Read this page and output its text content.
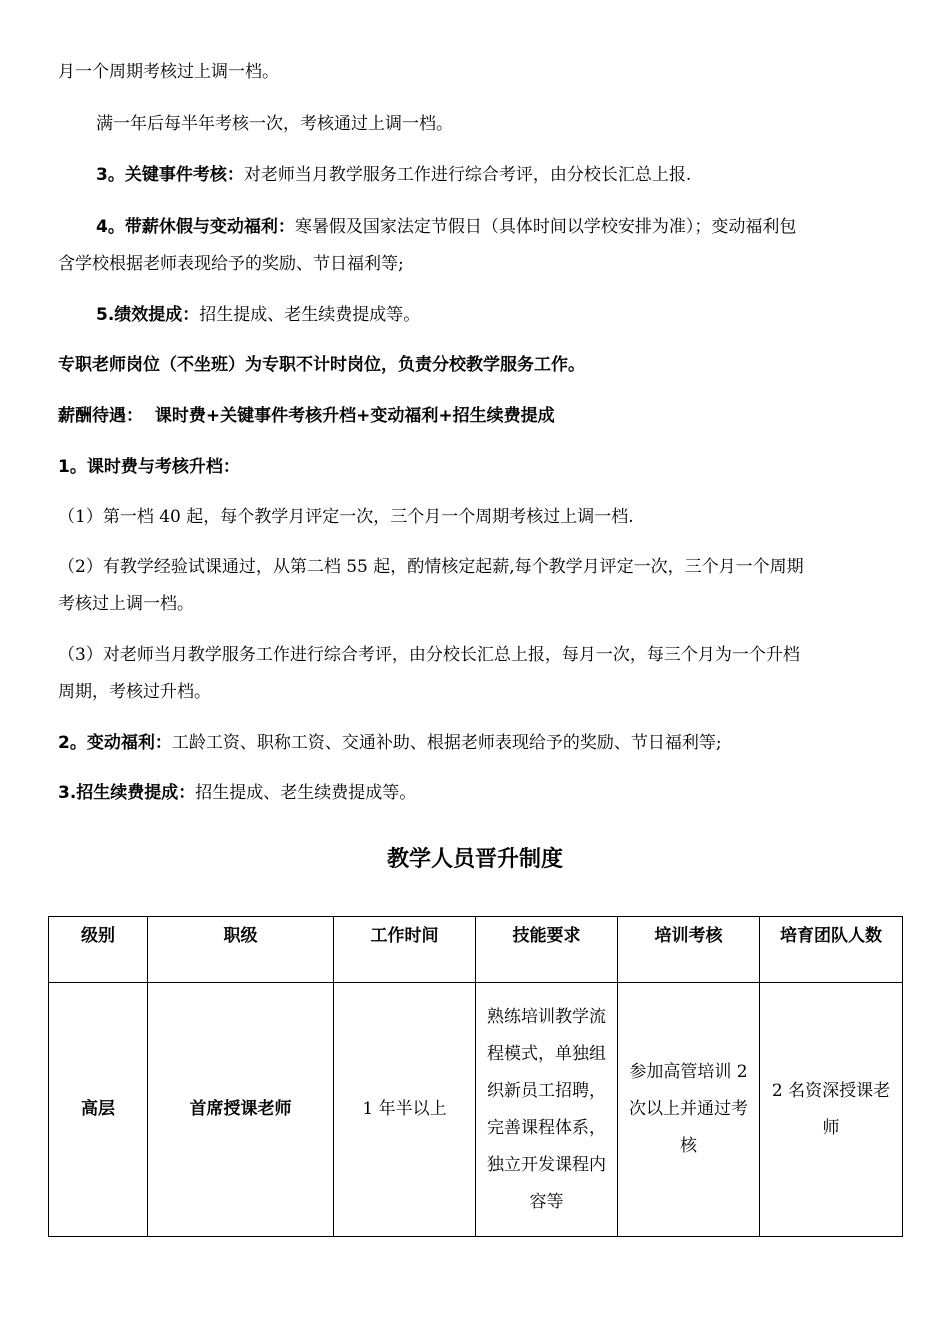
月一个周期考核过上调一档。
满一年后每半年考核一次，考核通过上调一档。
3。关键事件考核：对老师当月教学服务工作进行综合考评，由分校长汇总上报.
4。带薪休假与变动福利：寒暑假及国家法定节假日（具体时间以学校安排为准）；变动福利包
含学校根据老师表现给予的奖励、节日福利等;
5.绩效提成：招生提成、老生续费提成等。
专职老师岗位（不坐班）为专职不计时岗位，负责分校教学服务工作。
薪酬待遇：  课时费+关键事件考核升档+变动福利+招生续费提成
1。课时费与考核升档：
（1）第一档 40 起，每个教学月评定一次，三个月一个周期考核过上调一档.
（2）有教学经验试课通过，从第二档 55 起，酌情核定起薪,每个教学月评定一次，三个月一个周期
考核过上调一档。
（3）对老师当月教学服务工作进行综合考评，由分校长汇总上报，每月一次，每三个月为一个升档
周期，考核过升档。
2。变动福利：工龄工资、职称工资、交通补助、根据老师表现给予的奖励、节日福利等;
3.招生续费提成：招生提成、老生续费提成等。
教学人员晋升制度
级别	职级	工作时间	技能要求	培训考核	培育团队人数
高层	首席授课老师	1 年半以上	熟练培训教学流程模式，单独组织新员工招聘，完善课程体系，独立开发课程内容等	参加高管培训 2 次以上并通过考核	2 名资深授课老师
